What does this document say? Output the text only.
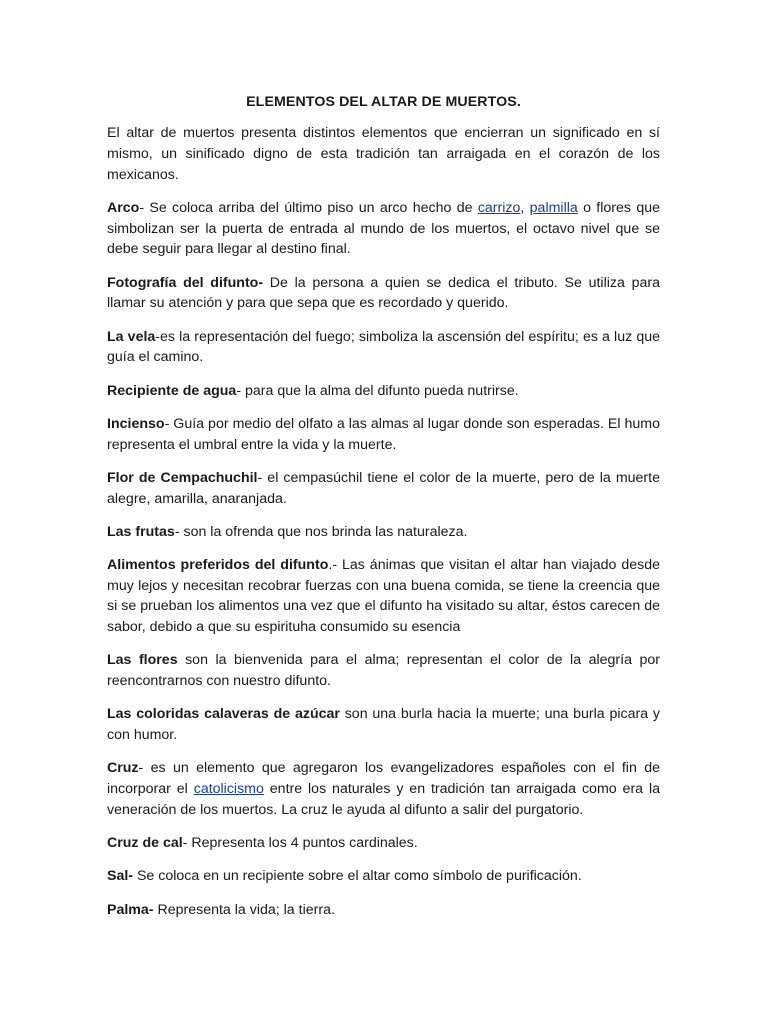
ELEMENTOS DEL ALTAR DE MUERTOS.

El altar de muertos presenta distintos elementos que encierran un significado en sí mismo, un sinificado digno de esta tradición tan arraigada en el corazón de los mexicanos.

Arco- Se coloca arriba del último piso un arco hecho de carrizo, palmilla o flores que simbolizan ser la puerta de entrada al mundo de los muertos, el octavo nivel que se debe seguir para llegar al destino final.

Fotografía del difunto- De la persona a quien se dedica el tributo. Se utiliza para llamar su atención y para que sepa que es recordado y querido.

La vela-es la representación del fuego; simboliza la ascensión del espíritu; es a luz que guía el camino.

Recipiente de agua- para que la alma del difunto pueda nutrirse.

Incienso- Guía por medio del olfato a las almas al lugar donde son esperadas. El humo representa el umbral entre la vida y la muerte.

Flor de Cempachuchil- el cempasúchil tiene el color de la muerte, pero de la muerte alegre, amarilla, anaranjada.

Las frutas- son la ofrenda que nos brinda las naturaleza.

Alimentos preferidos del difunto.- Las ánimas que visitan el altar han viajado desde muy lejos y necesitan recobrar fuerzas con una buena comida, se tiene la creencia que si se prueban los alimentos una vez que el difunto ha visitado su altar, éstos carecen de sabor, debido a que su espirituha consumido su esencia

Las flores son la bienvenida para el alma; representan el color de la alegría por reencontrarnos con nuestro difunto.

Las coloridas calaveras de azúcar son una burla hacia la muerte; una burla picara y con humor.

Cruz- es un elemento que agregaron los evangelizadores españoles con el fin de incorporar el catolicismo entre los naturales y en tradición tan arraigada como era la veneración de los muertos. La cruz le ayuda al difunto a salir del purgatorio.

Cruz de cal- Representa los 4 puntos cardinales.

Sal- Se coloca en un recipiente sobre el altar como símbolo de purificación.

Palma- Representa la vida; la tierra.
